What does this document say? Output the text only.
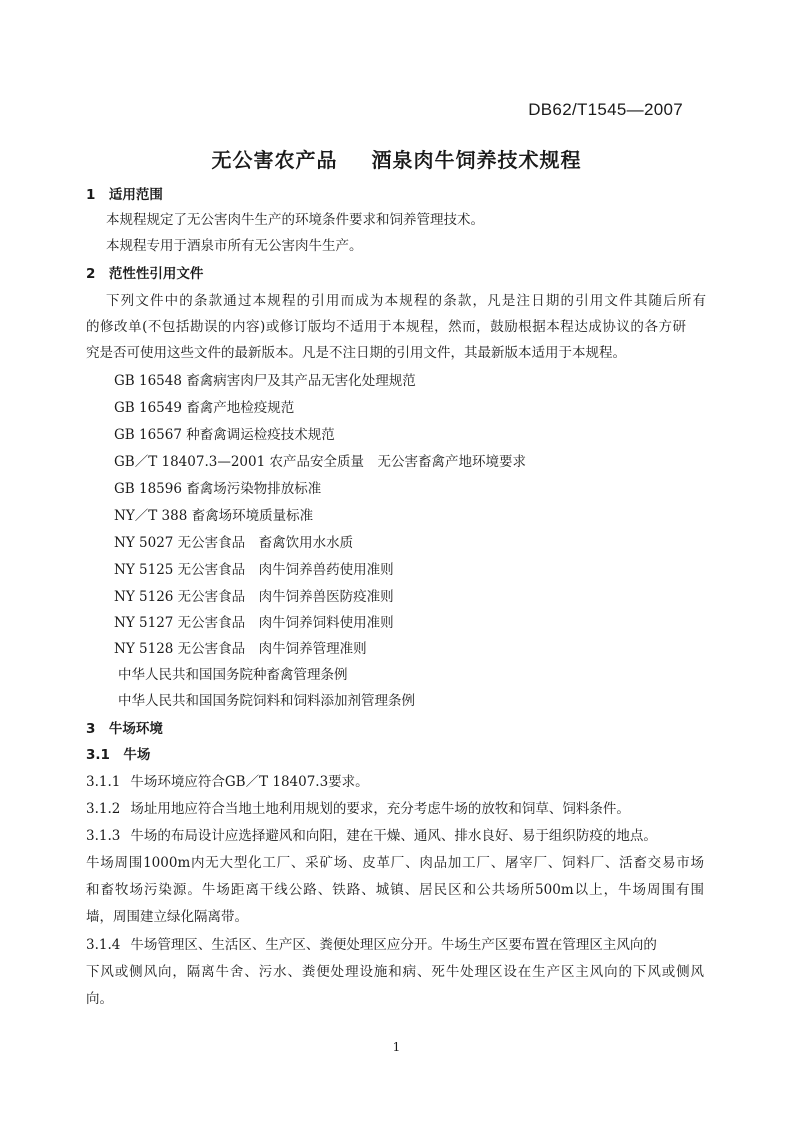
DB62/T1545—2007
无公害农产品 酒泉肉牛饲养技术规程
1　适用范围
本规程规定了无公害肉牛生产的环境条件要求和饲养管理技术。
本规程专用于酒泉市所有无公害肉牛生产。
2　范性性引用文件
下列文件中的条款通过本规程的引用而成为本规程的条款，凡是注日期的引用文件其随后所有
的修改单(不包括勘误的内容)或修订版均不适用于本规程，然而，鼓励根据本程达成协议的各方研
究是否可使用这些文件的最新版本。凡是不注日期的引用文件，其最新版本适用于本规程。
GB 16548 畜禽病害肉尸及其产品无害化处理规范
GB 16549 畜禽产地检疫规范
GB 16567 种畜禽调运检疫技术规范
GB／T 18407.3—2001 农产品安全质量　无公害畜禽产地环境要求
GB 18596 畜禽场污染物排放标准
NY／T 388 畜禽场环境质量标准
NY 5027 无公害食品　畜禽饮用水水质
NY 5125 无公害食品　肉牛饲养兽药使用准则
NY 5126 无公害食品　肉牛饲养兽医防疫准则
NY 5127 无公害食品　肉牛饲养饲料使用准则
NY 5128 无公害食品　肉牛饲养管理准则
中华人民共和国国务院种畜禽管理条例
中华人民共和国国务院饲料和饲料添加剂管理条例
3　牛场环境
3.1　牛场
3.1.1 牛场环境应符合GB／T 18407.3要求。
3.1.2 场址用地应符合当地土地利用规划的要求，充分考虑牛场的放牧和饲草、饲料条件。
3.1.3 牛场的布局设计应选择避风和向阳，建在干燥、通风、排水良好、易于组织防疫的地点。
牛场周围1000m内无大型化工厂、采矿场、皮革厂、肉品加工厂、屠宰厂、饲料厂、活畜交易市场
和畜牧场污染源。牛场距离干线公路、铁路、城镇、居民区和公共场所500m以上，牛场周围有围
墙，周围建立绿化隔离带。
3.1.4 牛场管理区、生活区、生产区、粪便处理区应分开。牛场生产区要布置在管理区主风向的
下风或侧风向，隔离牛舍、污水、粪便处理设施和病、死牛处理区设在生产区主风向的下风或侧风
向。
1
